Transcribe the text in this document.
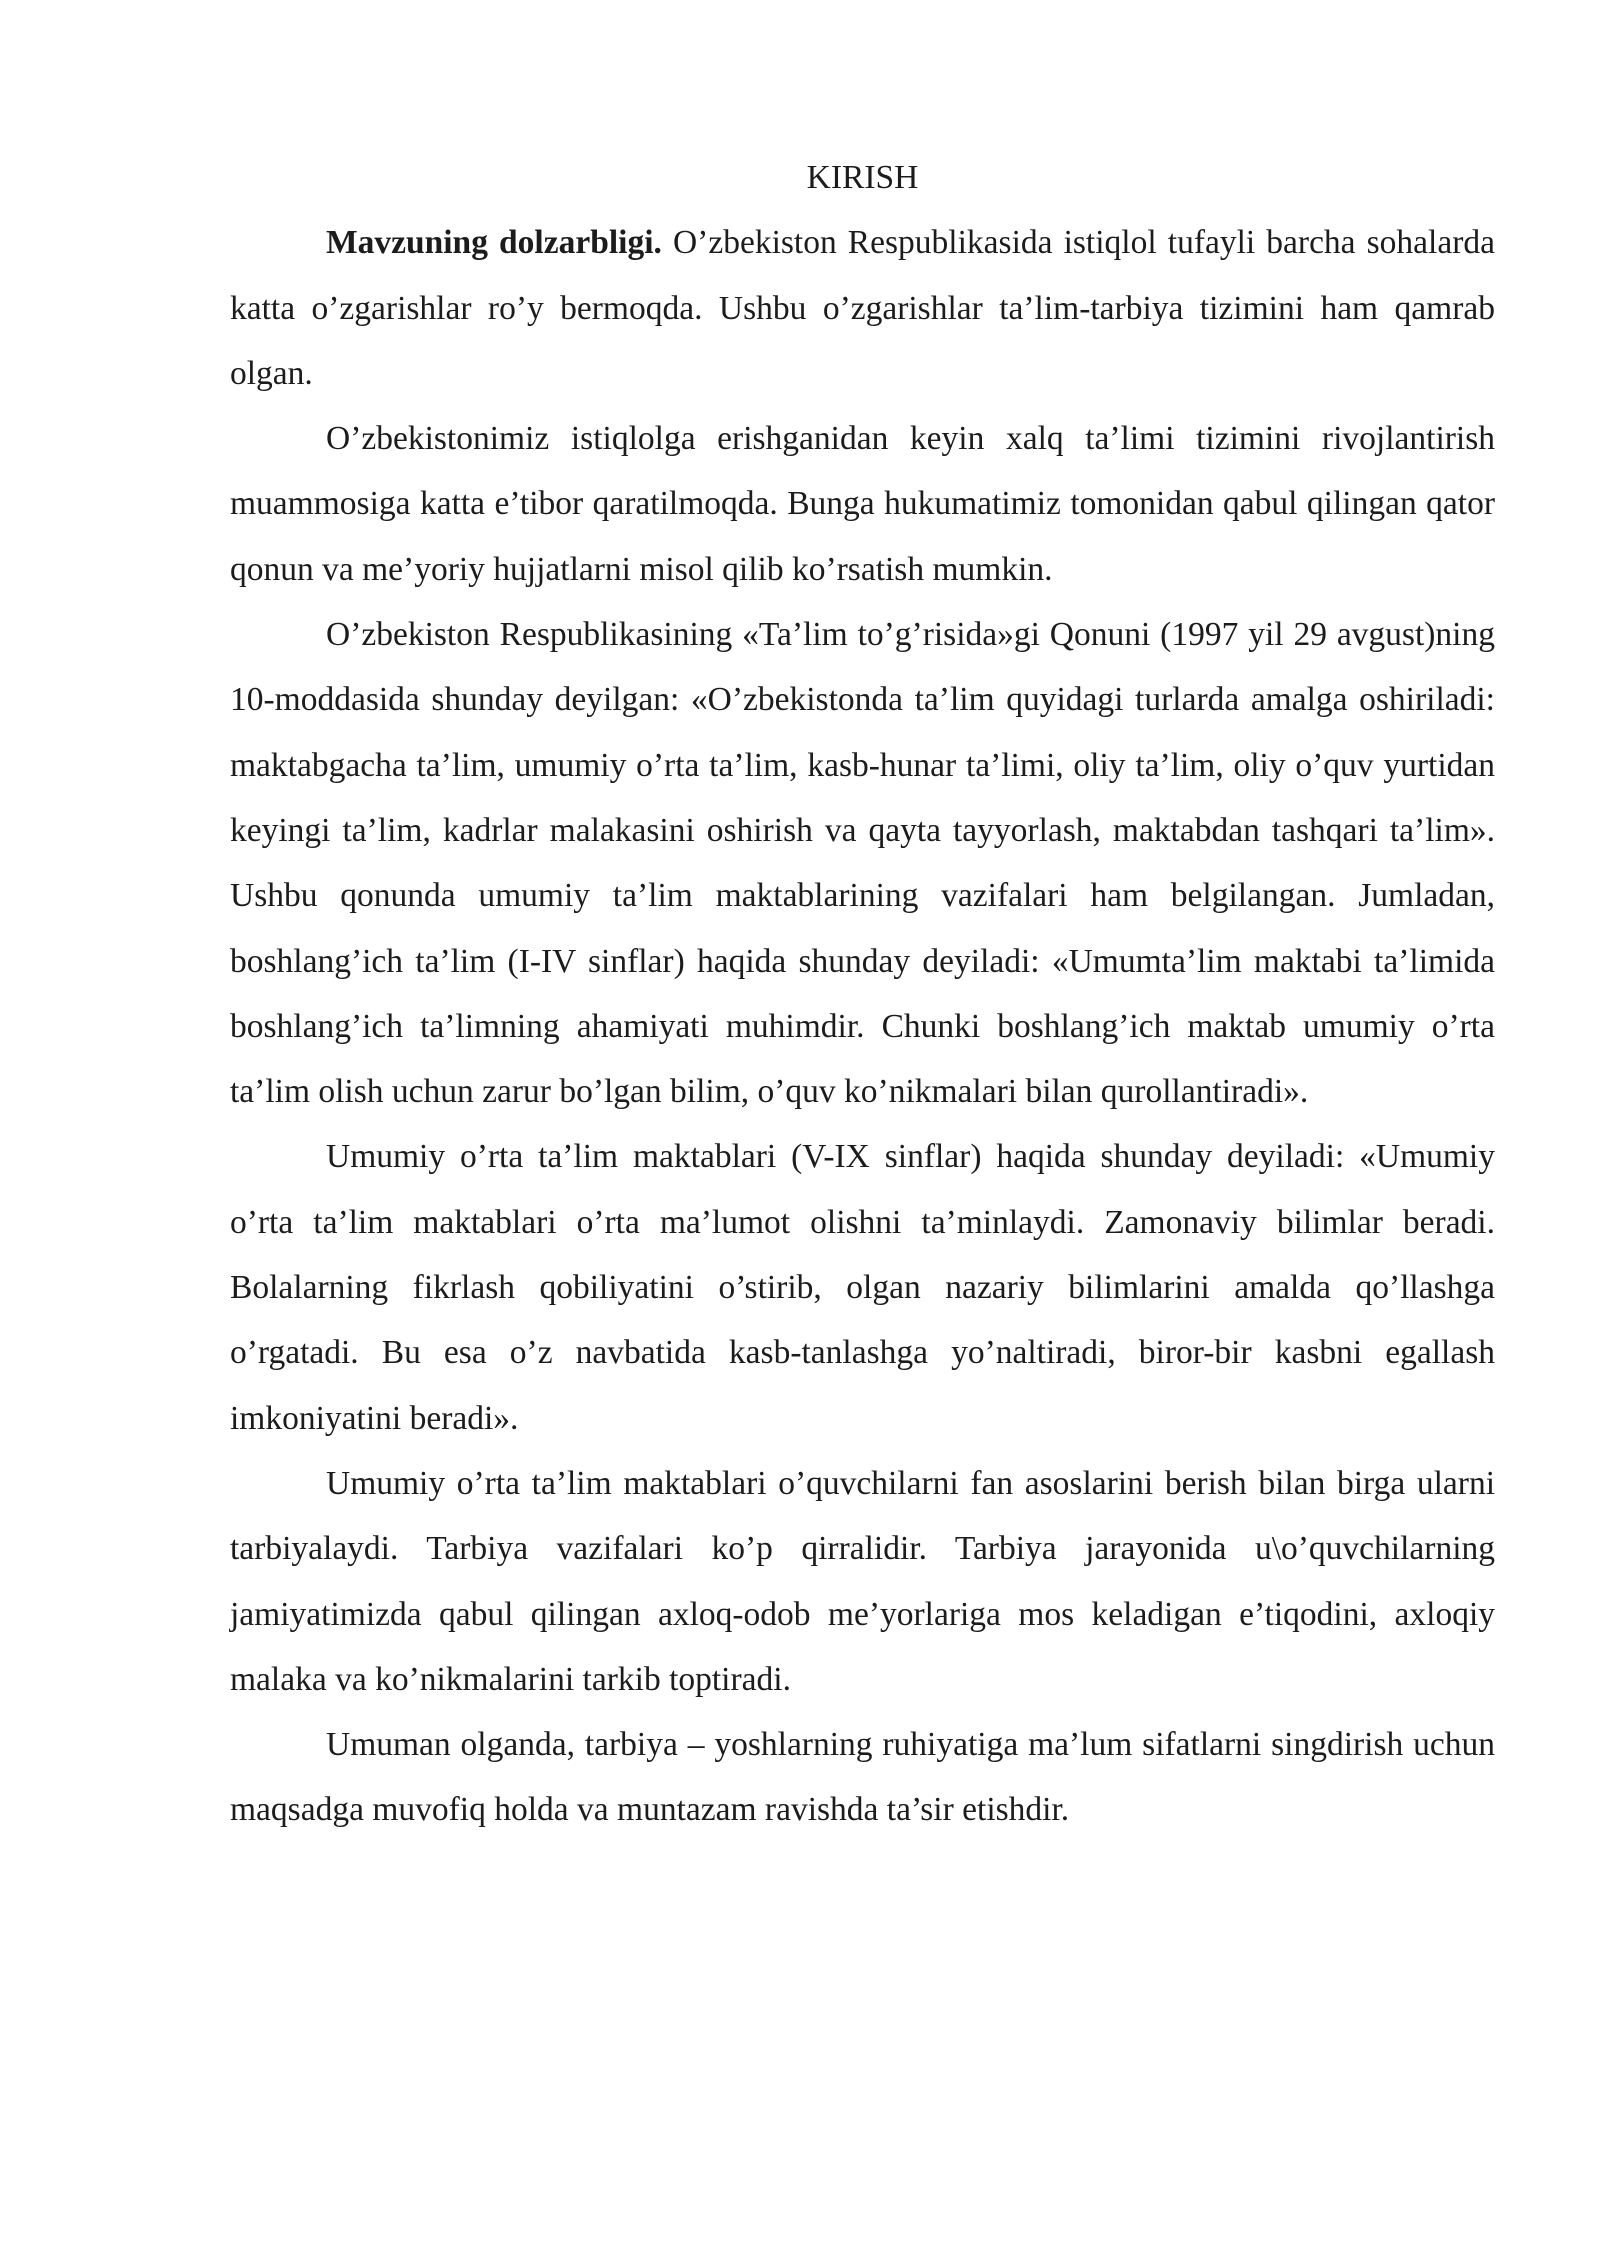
KIRISH

Mavzuning dolzarbligi. O’zbekiston Respublikasida istiqlol tufayli barcha sohalarda katta o’zgarishlar ro’y bermoqda. Ushbu o’zgarishlar ta’lim-tarbiya tizimini ham qamrab olgan.

O’zbekistonimiz istiqlolga erishganidan keyin xalq ta’limi tizimini rivojlantirish muammosiga katta e’tibor qaratilmoqda. Bunga hukumatimiz tomonidan qabul qilingan qator qonun va me’yoriy hujjatlarni misol qilib ko’rsatish mumkin.

O’zbekiston Respublikasining «Ta’lim to’g’risida»gi Qonuni (1997 yil 29 avgust)ning 10-moddasida shunday deyilgan: «O’zbekistonda ta’lim quyidagi turlarda amalga oshiriladi: maktabgacha ta’lim, umumiy o’rta ta’lim, kasb-hunar ta’limi, oliy ta’lim, oliy o’quv yurtidan keyingi ta’lim, kadrlar malakasini oshirish va qayta tayyorlash, maktabdan tashqari ta’lim». Ushbu qonunda umumiy ta’lim maktablarining vazifalari ham belgilangan. Jumladan, boshlang’ich ta’lim (I-IV sinflar) haqida shunday deyiladi: «Umumta’lim maktabi ta’limida boshlang’ich ta’limning ahamiyati muhimdir. Chunki boshlang’ich maktab umumiy o’rta ta’lim olish uchun zarur bo’lgan bilim, o’quv ko’nikmalari bilan qurollantiradi».

Umumiy o’rta ta’lim maktablari (V-IX sinflar) haqida shunday deyiladi: «Umumiy o’rta ta’lim maktablari o’rta ma’lumot olishni ta’minlaydi. Zamonaviy bilimlar beradi. Bolalarning fikrlash qobiliyatini o’stirib, olgan nazariy bilimlarini amalda qo’llashga o’rgatadi. Bu esa o’z navbatida kasb-tanlashga yo’naltiradi, biror-bir kasbni egallash imkoniyatini beradi».

Umumiy o’rta ta’lim maktablari o’quvchilarni fan asoslarini berish bilan birga ularni tarbiyalaydi. Tarbiya vazifalari ko’p qirralidir. Tarbiya jarayonida u\o’quvchilarning jamiyatimizda qabul qilingan axloq-odob me’yorlariga mos keladigan e’tiqodini, axloqiy malaka va ko’nikmalarini tarkib toptiradi.

Umuman olganda, tarbiya – yoshlarning ruhiyatiga ma’lum sifatlarni singdirish uchun maqsadga muvofiq holda va muntazam ravishda ta’sir etishdir.
